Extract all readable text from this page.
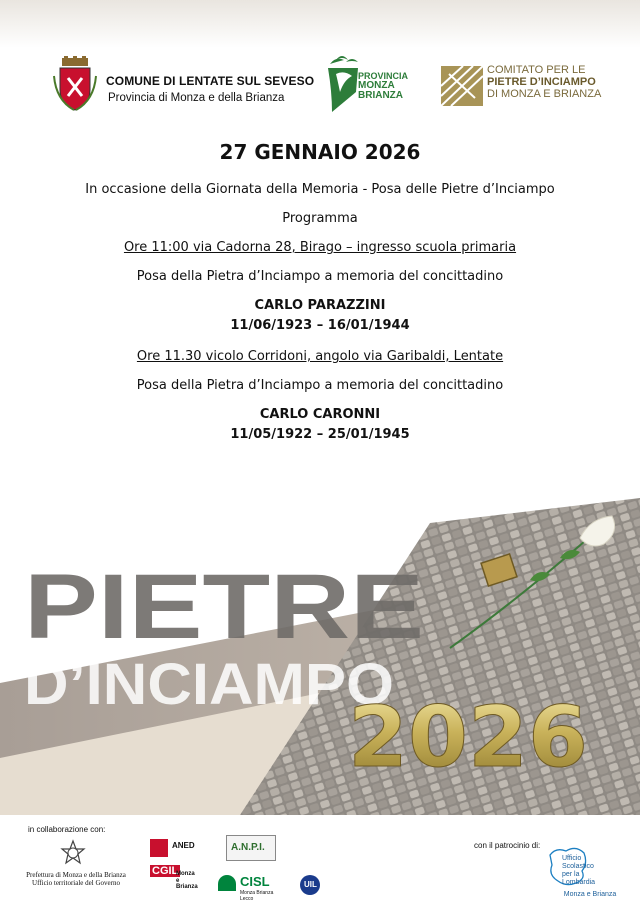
COMUNE DI LENTATE SUL SEVESO
Provincia di Monza e della Brianza
PROVINCIA
MONZA
BRIANZA
COMITATO PER LE
PIETRE D’INCIAMPO
DI MONZA E BRIANZA
27 GENNAIO 2026
In occasione della Giornata della Memoria - Posa delle Pietre d’Inciampo
Programma
Ore 11:00 via Cadorna 28, Birago – ingresso scuola primaria
Posa della Pietra d’Inciampo a memoria del concittadino
CARLO PARAZZINI
11/06/1923 – 16/01/1944
Ore 11.30 vicolo Corridoni, angolo via Garibaldi, Lentate
Posa della Pietra d’Inciampo a memoria del concittadino
CARLO CARONNI
11/05/1922 – 25/01/1945
PIETRE
D’INCIAMPO
2026
in collaborazione con:
Prefettura di Monza e della Brianza
Ufficio territoriale del Governo
ANED	A.N.P.I.
CGIL
Monza
e Brianza	CISL
Monza Brianza Lecco
UIL
con il patrocinio di:
Ufficio
Scolastico
per la
Lombardia
Monza e Brianza
